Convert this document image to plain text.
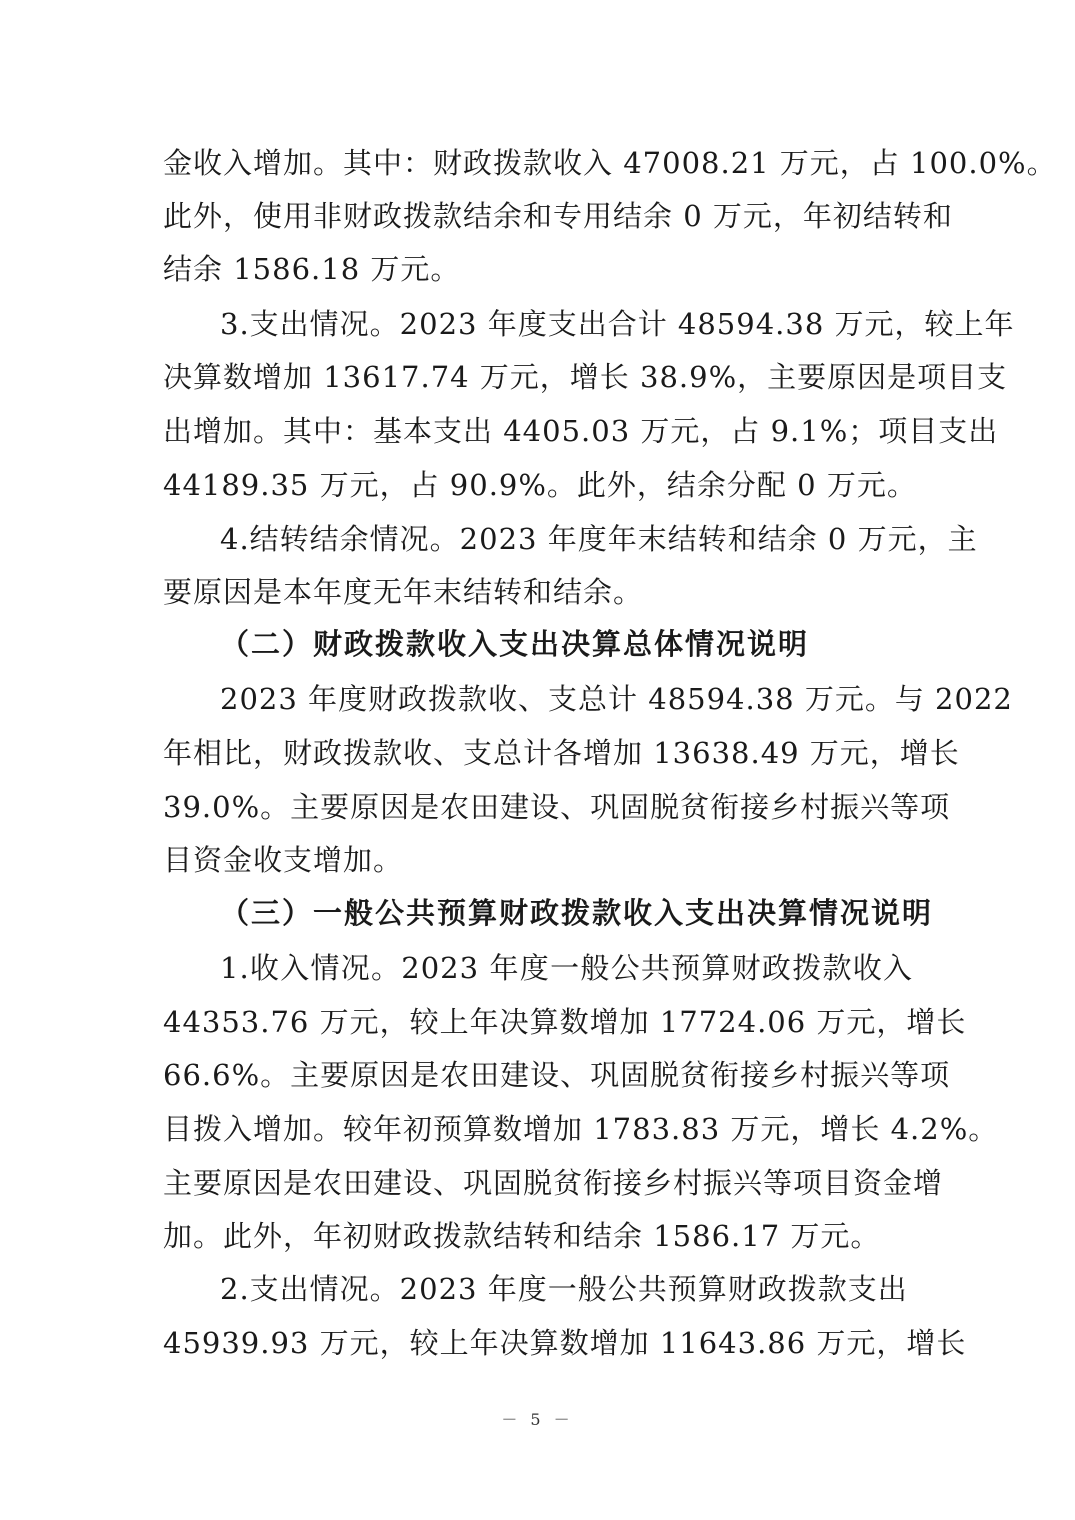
金收入增加。其中：财政拨款收入 47008.21 万元，占 100.0%。
此外，使用非财政拨款结余和专用结余 0 万元，年初结转和
结余 1586.18 万元。
3.支出情况。2023 年度支出合计 48594.38 万元，较上年
决算数增加 13617.74 万元，增长 38.9%，主要原因是项目支
出增加。其中：基本支出 4405.03 万元，占 9.1%；项目支出
44189.35 万元，占 90.9%。此外，结余分配 0 万元。
4.结转结余情况。2023 年度年末结转和结余 0 万元，主
要原因是本年度无年末结转和结余。
（二）财政拨款收入支出决算总体情况说明
2023 年度财政拨款收、支总计 48594.38 万元。与 2022
年相比，财政拨款收、支总计各增加 13638.49 万元，增长
39.0%。主要原因是农田建设、巩固脱贫衔接乡村振兴等项
目资金收支增加。
（三）一般公共预算财政拨款收入支出决算情况说明
1.收入情况。2023 年度一般公共预算财政拨款收入
44353.76 万元，较上年决算数增加 17724.06 万元，增长
66.6%。主要原因是农田建设、巩固脱贫衔接乡村振兴等项
目拨入增加。较年初预算数增加 1783.83 万元，增长 4.2%。
主要原因是农田建设、巩固脱贫衔接乡村振兴等项目资金增
加。此外，年初财政拨款结转和结余 1586.17 万元。
2.支出情况。2023 年度一般公共预算财政拨款支出
45939.93 万元，较上年决算数增加 11643.86 万元，增长
－ 5 －
